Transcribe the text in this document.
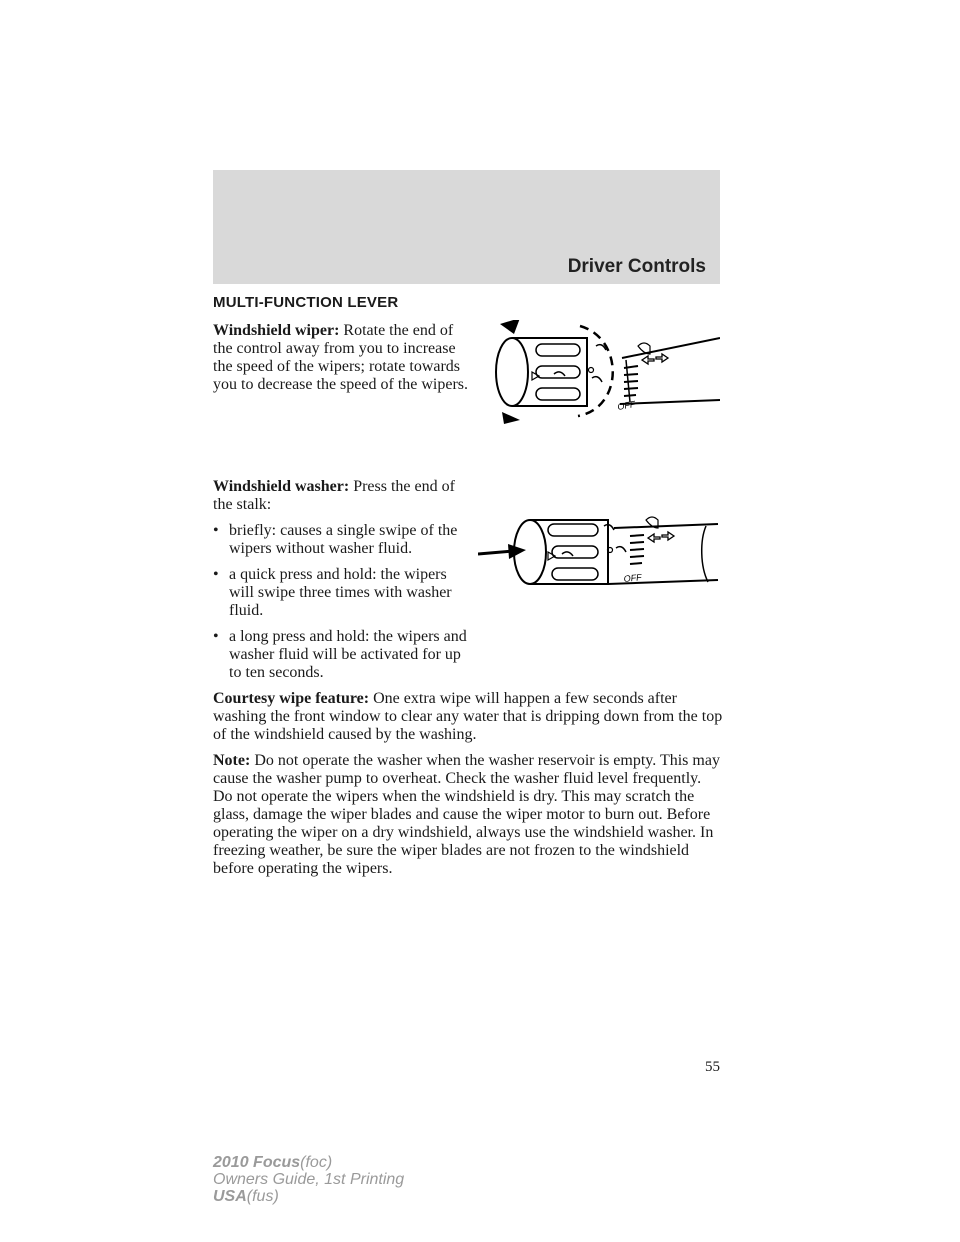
Driver Controls
MULTI-FUNCTION LEVER

Windshield wiper: Rotate the end of the control away from you to increase the speed of the wipers; rotate towards you to decrease the speed of the wipers.

Windshield washer: Press the end of the stalk:

• briefly: causes a single swipe of the wipers without washer fluid.
• a quick press and hold: the wipers will swipe three times with washer fluid.
• a long press and hold: the wipers and washer fluid will be activated for up to ten seconds.

Courtesy wipe feature: One extra wipe will happen a few seconds after washing the front window to clear any water that is dripping down from the top of the windshield caused by the washing.

Note: Do not operate the washer when the washer reservoir is empty. This may cause the washer pump to overheat. Check the washer fluid level frequently. Do not operate the wipers when the windshield is dry. This may scratch the glass, damage the wiper blades and cause the wiper motor to burn out. Before operating the wiper on a dry windshield, always use the windshield washer. In freezing weather, be sure the wiper blades are not frozen to the windshield before operating the wipers.

OFF
OFF
55
2010 Focus(foc)
Owners Guide, 1st Printing
USA(fus)
